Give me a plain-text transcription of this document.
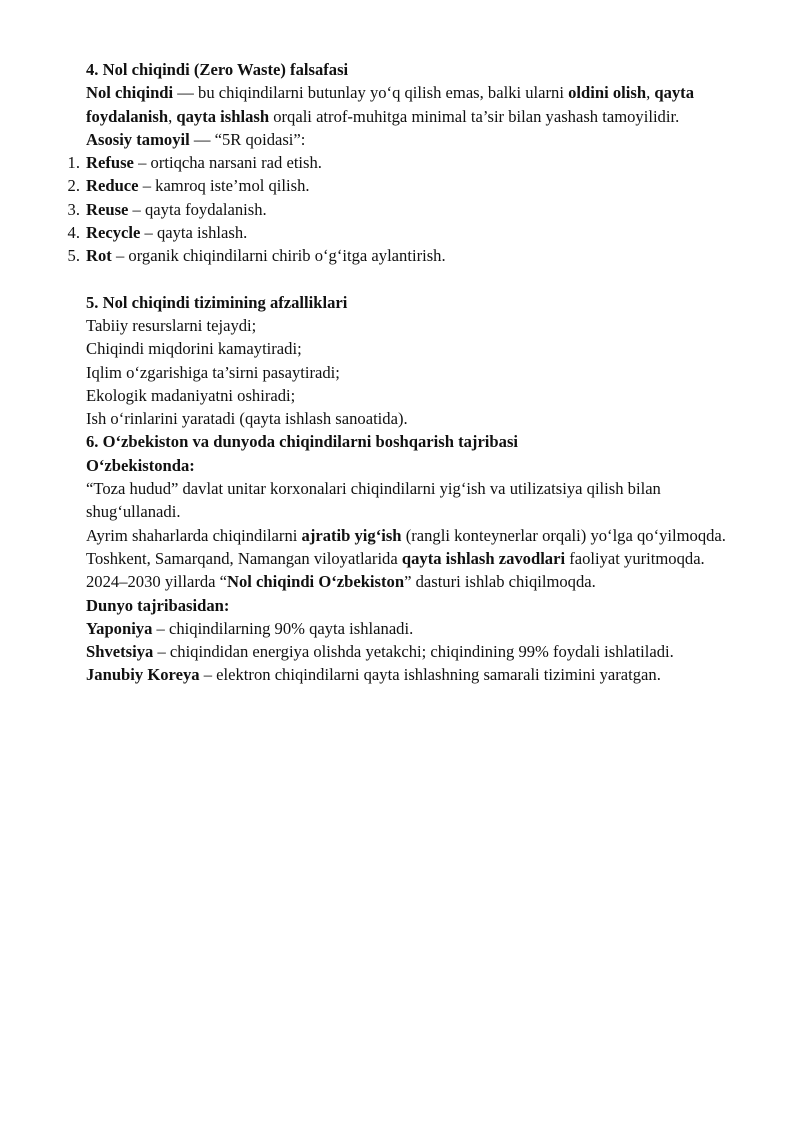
4. Nol chiqindi (Zero Waste) falsafasi

Nol chiqindi — bu chiqindilarni butunlay yo‘q qilish emas, balki ularni oldini olish, qayta foydalanish, qayta ishlash orqali atrof-muhitga minimal ta’sir bilan yashash tamoyilidir.

Asosiy tamoyil — “5R qoidasi”:

1. Refuse – ortiqcha narsani rad etish.
2. Reduce – kamroq iste’mol qilish.
3. Reuse – qayta foydalanish.
4. Recycle – qayta ishlash.
5. Rot – organik chiqindilarni chirib o‘g‘itga aylantirish.

5. Nol chiqindi tizimining afzalliklari

Tabiiy resurslarni tejaydi;

Chiqindi miqdorini kamaytiradi;

Iqlim o‘zgarishiga ta’sirni pasaytiradi;

Ekologik madaniyatni oshiradi;

Ish o‘rinlarini yaratadi (qayta ishlash sanoatida).

6. O‘zbekiston va dunyoda chiqindilarni boshqarish tajribasi

O‘zbekistonda:

“Toza hudud” davlat unitar korxonalari chiqindilarni yig‘ish va utilizatsiya qilish bilan shug‘ullanadi.

Ayrim shaharlarda chiqindilarni ajratib yig‘ish (rangli konteynerlar orqali) yo‘lga qo‘yilmoqda.

Toshkent, Samarqand, Namangan viloyatlarida qayta ishlash zavodlari faoliyat yuritmoqda.

2024–2030 yillarda “Nol chiqindi O‘zbekiston” dasturi ishlab chiqilmoqda.

Dunyo tajribasidan:

Yaponiya – chiqindilarning 90% qayta ishlanadi.

Shvetsiya – chiqindidan energiya olishda yetakchi; chiqindining 99% foydali ishlatiladi.

Janubiy Koreya – elektron chiqindilarni qayta ishlashning samarali tizimini yaratgan.
